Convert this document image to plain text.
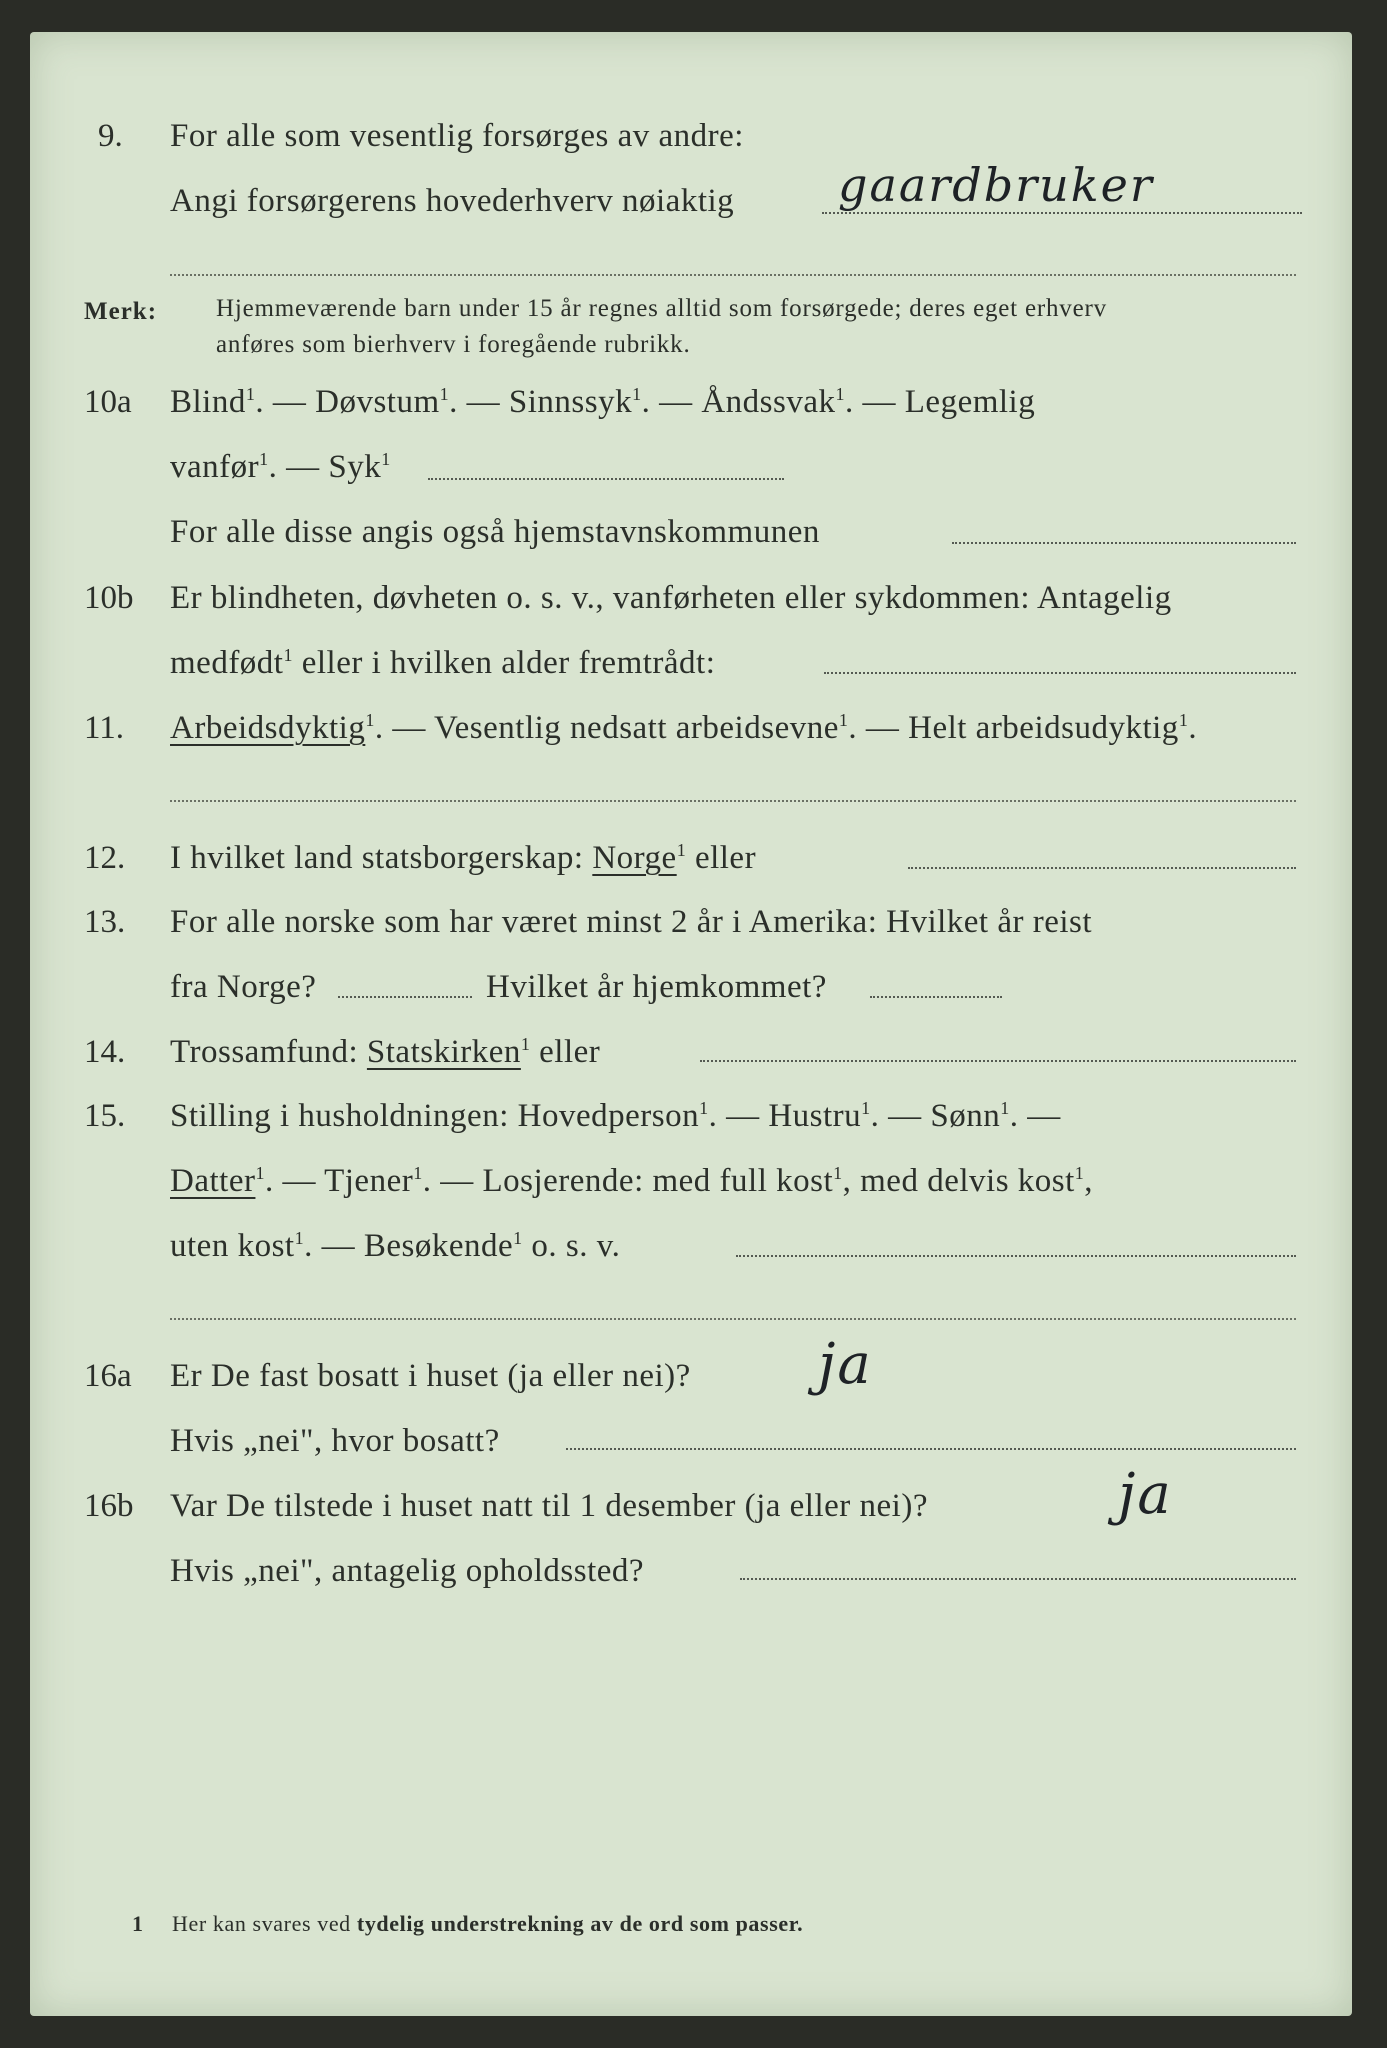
9. For alle som vesentlig forsørges av andre:
Angi forsørgerens hovederhverv nøiaktig gaardbruker
Merk: Hjemmeværende barn under 15 år regnes alltid som forsørgede; deres eget erhverv
anføres som bierhverv i foregående rubrikk.
10a Blind$^1$. — Døvstum$^1$. — Sinnssyk$^1$. — Åndssvak$^1$. — Legemlig
vanfør$^1$. — Syk$^1$
For alle disse angis også hjemstavnskommunen
10b Er blindheten, døvheten o. s. v., vanførheten eller sykdommen: Antagelig
medfødt$^1$ eller i hvilken alder fremtrådt:
11. Arbeidsdyktig$^1$. — Vesentlig nedsatt arbeidsevne$^1$. — Helt arbeidsudyktig$^1$.
12. I hvilket land statsborgerskap: Norge$^1$ eller
13. For alle norske som har været minst 2 år i Amerika: Hvilket år reist
fra Norge?	Hvilket år hjemkommet?
14. Trossamfund: Statskirken$^1$ eller
15. Stilling i husholdningen: Hovedperson$^1$. — Hustru$^1$. — Sønn$^1$. —
Datter$^1$. — Tjener$^1$. — Losjerende: med full kost$^1$, med delvis kost$^1$,
uten kost$^1$. — Besøkende$^1$ o. s. v.
16a Er De fast bosatt i huset (ja eller nei)? ja
Hvis „nei", hvor bosatt?
16b Var De tilstede i huset natt til 1 desember (ja eller nei)?	ja
Hvis „nei", antagelig opholdssted?
1 Her kan svares ved tydelig understrekning av de ord som passer.
